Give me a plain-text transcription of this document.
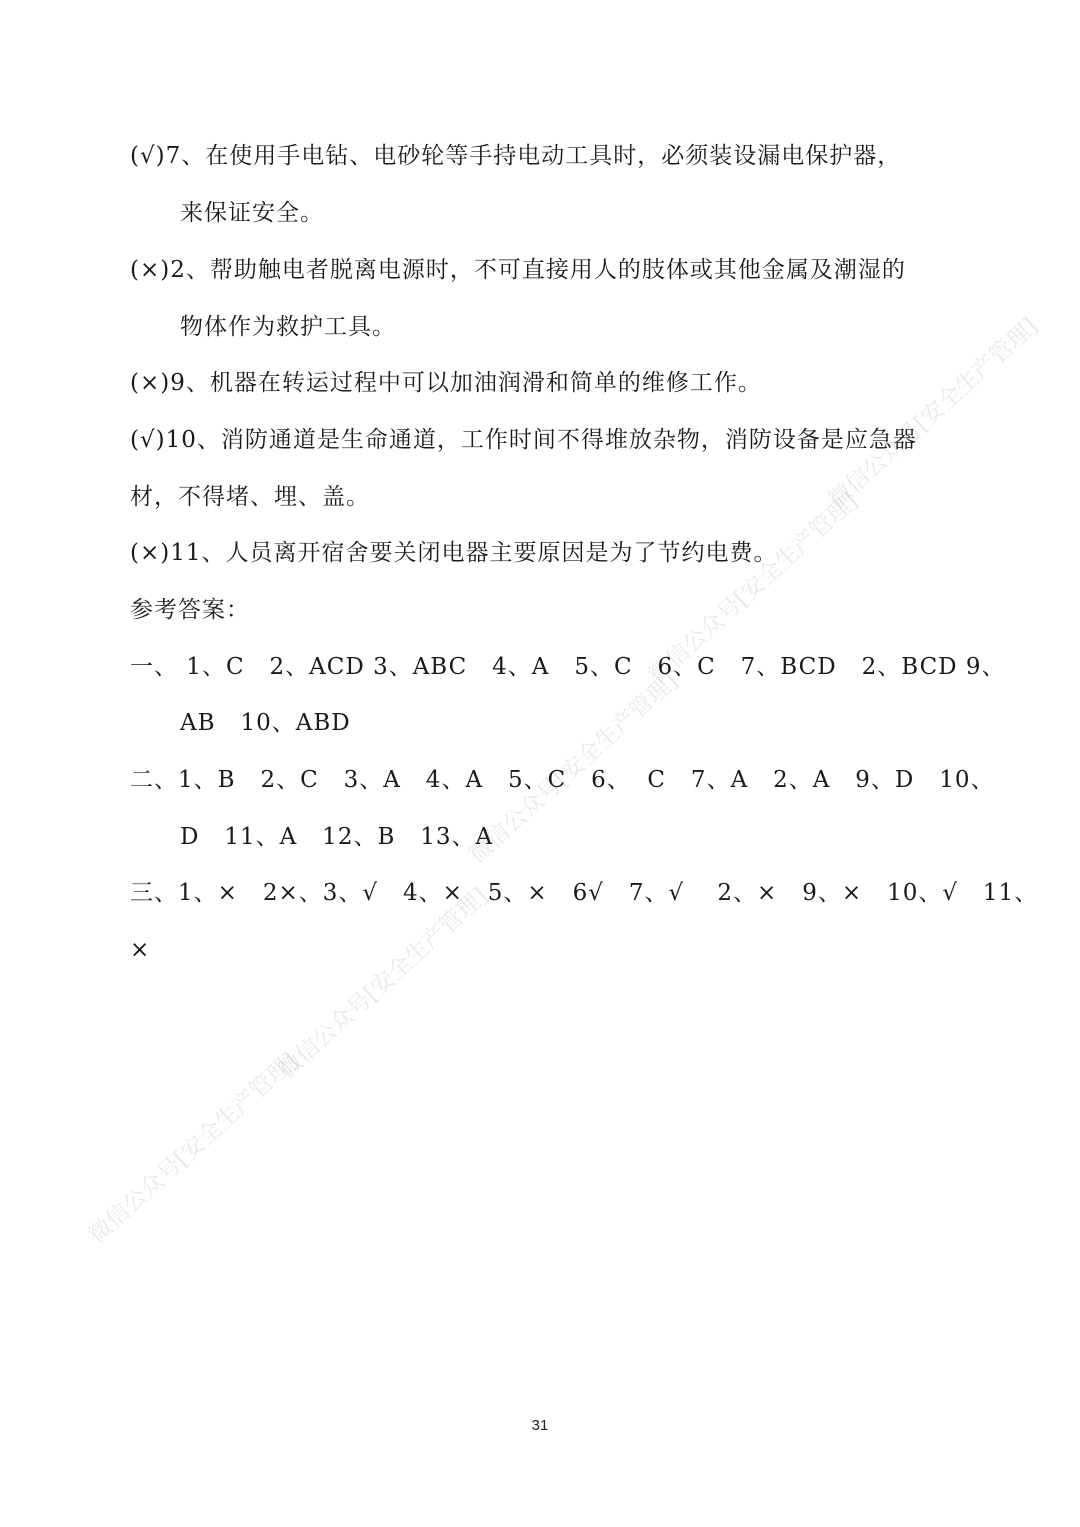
微信公众号[安全生产管理]
微信公众号[安全生产管理]
微信公众号[安全生产管理]
微信公众号[安全生产管理]
微信公众号[安全生产管理]
(√)7、在使用手电钻、电砂轮等手持电动工具时，必须装设漏电保护器，
来保证安全。
(×)2、帮助触电者脱离电源时，不可直接用人的肢体或其他金属及潮湿的
物体作为救护工具。
(×)9、机器在转运过程中可以加油润滑和简单的维修工作。
(√)10、消防通道是生命通道，工作时间不得堆放杂物，消防设备是应急器
材，不得堵、埋、盖。
(×)11、人员离开宿舍要关闭电器主要原因是为了节约电费。
参考答案：
一、 1、C   2、ACD 3、ABC   4、A   5、C   6、C   7、BCD   2、BCD 9、
AB   10、ABD
二、1、B   2、C   3、A   4、A   5、C   6、  C   7、A   2、A   9、D   10、
D   11、A   12、B   13、A
三、1、×   2×、3、√   4、×   5、×   6√   7、√    2、×   9、×   10、√   11、
×
31
